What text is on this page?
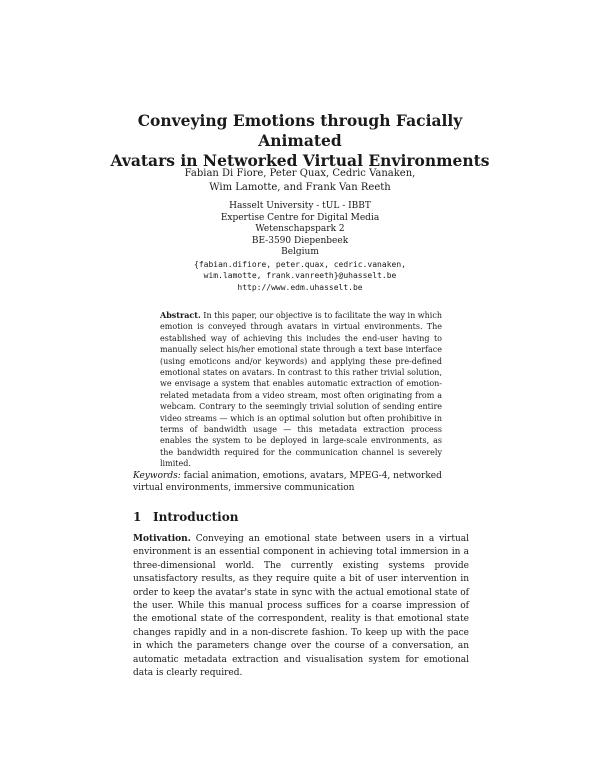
Conveying Emotions through Facially Animated
Avatars in Networked Virtual Environments
Fabian Di Fiore, Peter Quax, Cedric Vanaken,
Wim Lamotte, and Frank Van Reeth
Hasselt University - tUL - IBBT
Expertise Centre for Digital Media
Wetenschapspark 2
BE-3590 Diepenbeek
Belgium
{fabian.difiore, peter.quax, cedric.vanaken,
wim.lamotte, frank.vanreeth}@uhasselt.be
http://www.edm.uhasselt.be
Abstract. In this paper, our objective is to facilitate the way in which emotion is conveyed through avatars in virtual environments. The established way of achieving this includes the end-user having to manually select his/her emotional state through a text base interface (using emoticons and/or keywords) and applying these pre-defined emotional states on avatars. In contrast to this rather trivial solution, we envisage a system that enables automatic extraction of emotion-related metadata from a video stream, most often originating from a webcam. Contrary to the seemingly trivial solution of sending entire video streams — which is an optimal solution but often prohibitive in terms of bandwidth usage — this metadata extraction process enables the system to be deployed in large-scale environments, as the bandwidth required for the communication channel is severely limited.
Keywords: facial animation, emotions, avatars, MPEG-4, networked virtual environments, immersive communication
1 Introduction
Motivation. Conveying an emotional state between users in a virtual environment is an essential component in achieving total immersion in a three-dimensional world. The currently existing systems provide unsatisfactory results, as they require quite a bit of user intervention in order to keep the avatar's state in sync with the actual emotional state of the user. While this manual process suffices for a coarse impression of the emotional state of the correspondent, reality is that emotional state changes rapidly and in a non-discrete fashion. To keep up with the pace in which the parameters change over the course of a conversation, an automatic metadata extraction and visualisation system for emotional data is clearly required.
